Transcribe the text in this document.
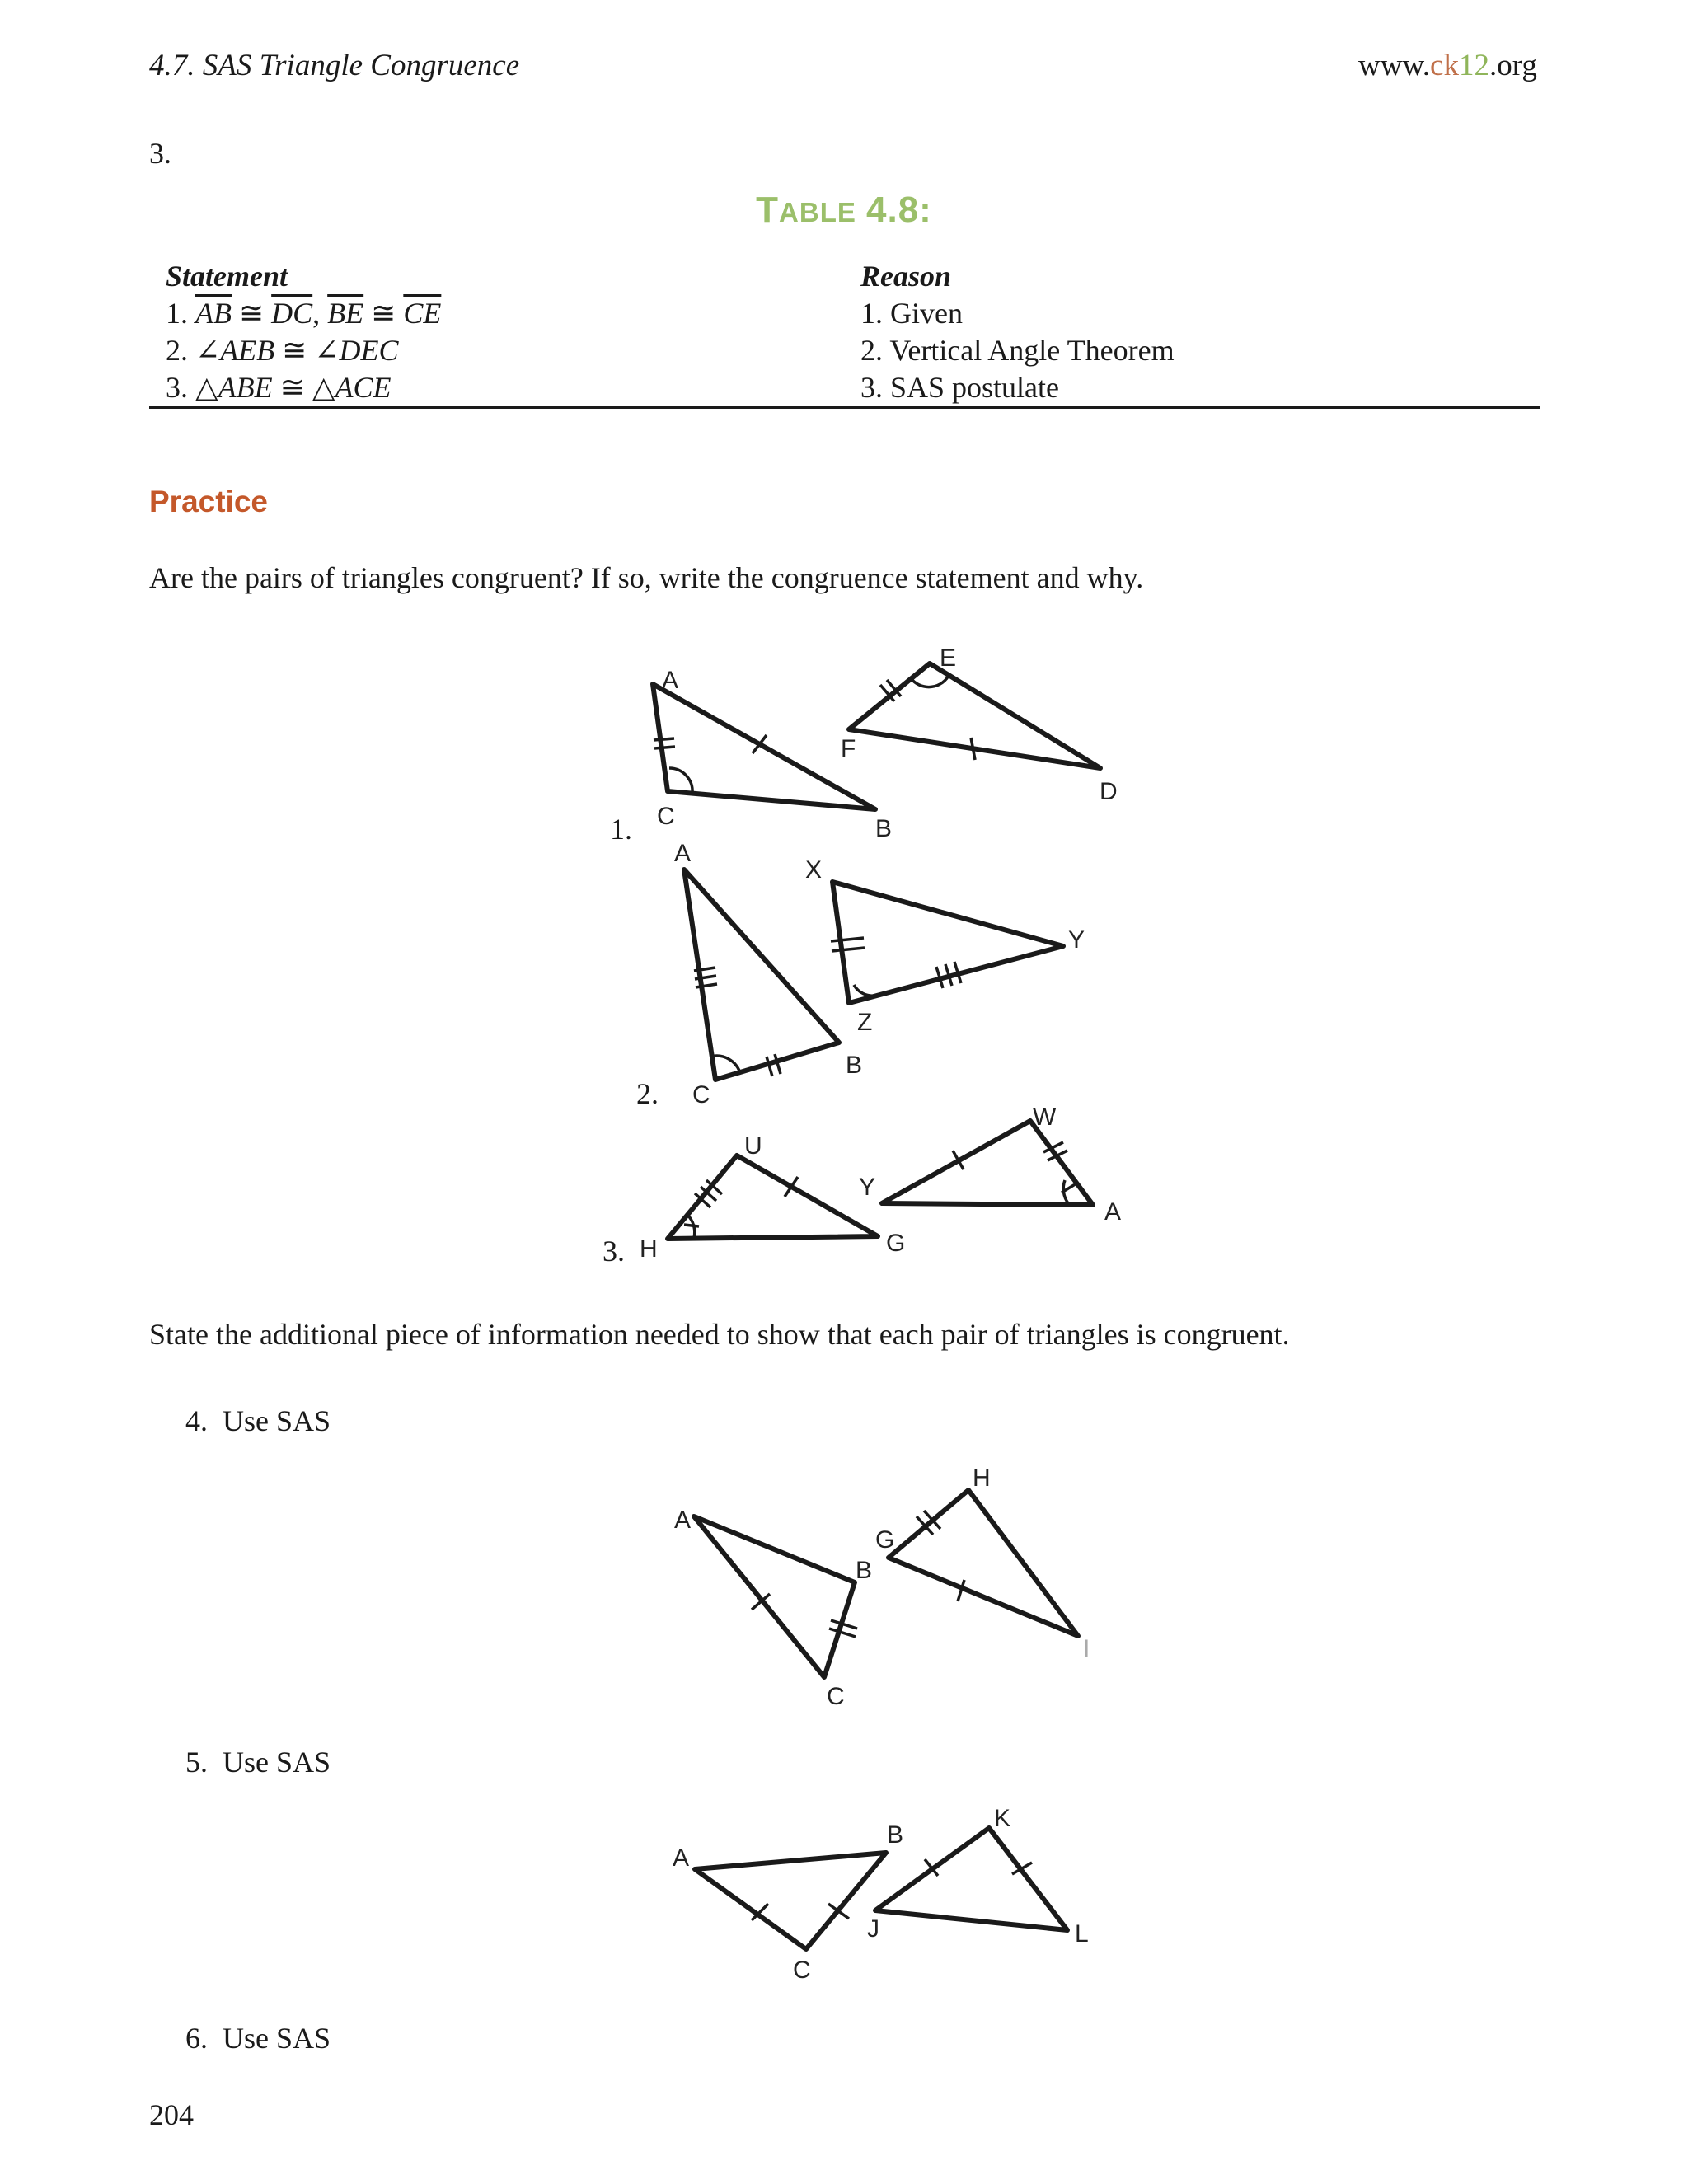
4.7. SAS Triangle Congruence	www.ck12.org
3.
TABLE 4.8:
Statement	Reason
1. $\overline{AB}$ ≅ $\overline{DC}$, $\overline{BE}$ ≅ $\overline{CE}$	1. Given
2. ∠AEB ≅ ∠DEC	2. Vertical Angle Theorem
3. △ABE ≅ △ACE	3. SAS postulate
Practice
Are the pairs of triangles congruent? If so, write the congruence statement and why.
1.
A
C	B
E
F
D
2.
A
C
B
X
Y
Z
3. H
U
G
W
Y
A
State the additional piece of information needed to show that each pair of triangles is congruent.
4. Use SAS
A
B
C
G
H
I
5. Use SAS
A
B
C
K
J	L
6. Use SAS
204
